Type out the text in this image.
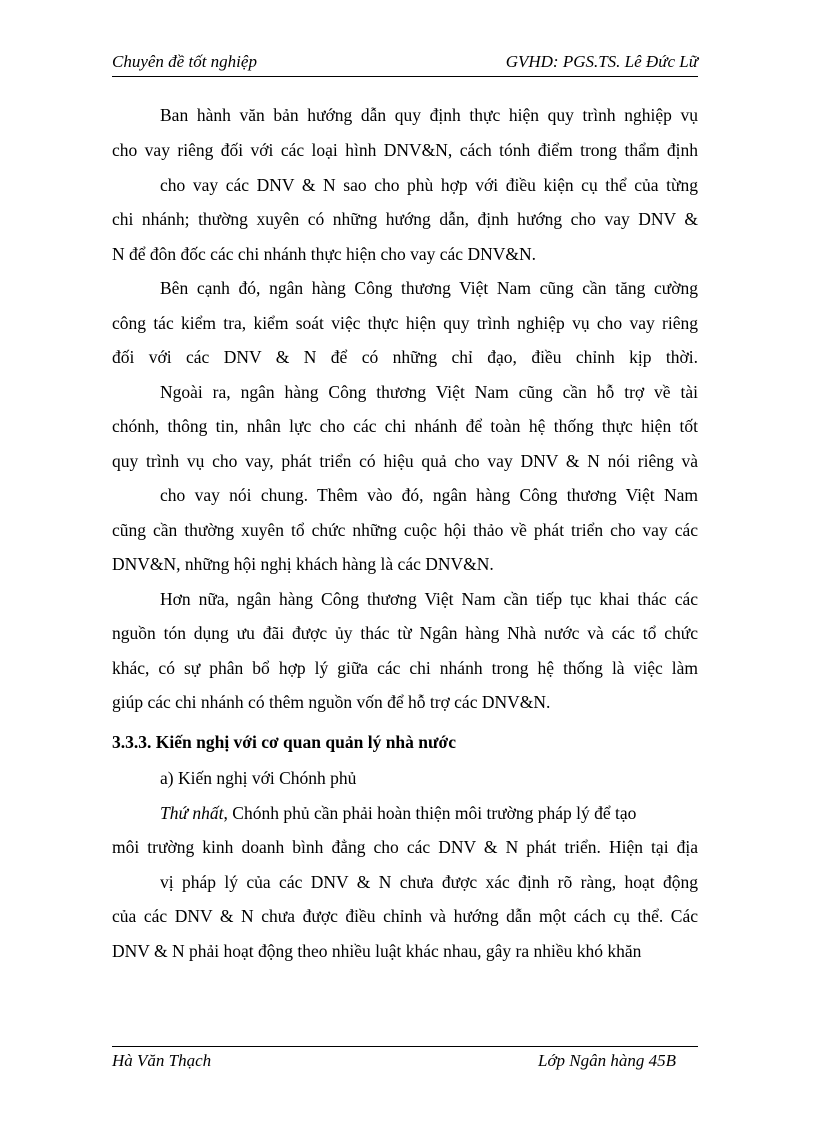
Chuyên đề tốt nghiệp	GVHD: PGS.TS. Lê Đức Lữ
Ban hành văn bản hướng dẫn quy định thực hiện quy trình nghiệp vụ
cho vay riêng đối với các loại hình DNV&N, cách tónh điểm trong thẩm định
cho vay các DNV & N sao cho phù hợp với điều kiện cụ thể của từng
chi nhánh; thường xuyên có những hướng dẫn, định hướng cho vay DNV &
N để đôn đốc các chi nhánh thực hiện cho vay các DNV&N.
Bên cạnh đó, ngân hàng Công thương Việt Nam cũng cần tăng cường
công tác kiểm tra, kiểm soát việc thực hiện quy trình nghiệp vụ cho vay riêng
đối với các DNV & N để có những chỉ đạo, điều chỉnh kịp thời.
Ngoài ra, ngân hàng Công thương Việt Nam cũng cần hỗ trợ về tài
chónh, thông tin, nhân lực cho các chi nhánh để toàn hệ thống thực hiện tốt
quy trình vụ cho vay, phát triển có hiệu quả cho vay DNV & N nói riêng và
cho vay nói chung. Thêm vào đó, ngân hàng Công thương Việt Nam
cũng cần thường xuyên tổ chức những cuộc hội thảo về phát triển cho vay các
DNV&N, những hội nghị khách hàng là các DNV&N.
Hơn nữa, ngân hàng Công thương Việt Nam cần tiếp tục khai thác các
nguồn tón dụng ưu đãi được ủy thác từ Ngân hàng Nhà nước và các tổ chức
khác, có sự phân bổ hợp lý giữa các chi nhánh trong hệ thống là việc làm
giúp các chi nhánh có thêm nguồn vốn để hỗ trợ các DNV&N.
3.3.3. Kiến nghị với cơ quan quản lý nhà nước
a) Kiến nghị với Chónh phủ
Thứ nhất, Chónh phủ cần phải hoàn thiện môi trường pháp lý để tạo
môi trường kinh doanh bình đẳng cho các DNV & N phát triển. Hiện tại địa
vị pháp lý của các DNV & N chưa được xác định rõ ràng, hoạt động
của các DNV & N chưa được điều chỉnh và hướng dẫn một cách cụ thể. Các
DNV & N phải hoạt động theo nhiều luật khác nhau, gây ra nhiều khó khăn
Hà Văn Thạch	Lớp Ngân hàng 45B
